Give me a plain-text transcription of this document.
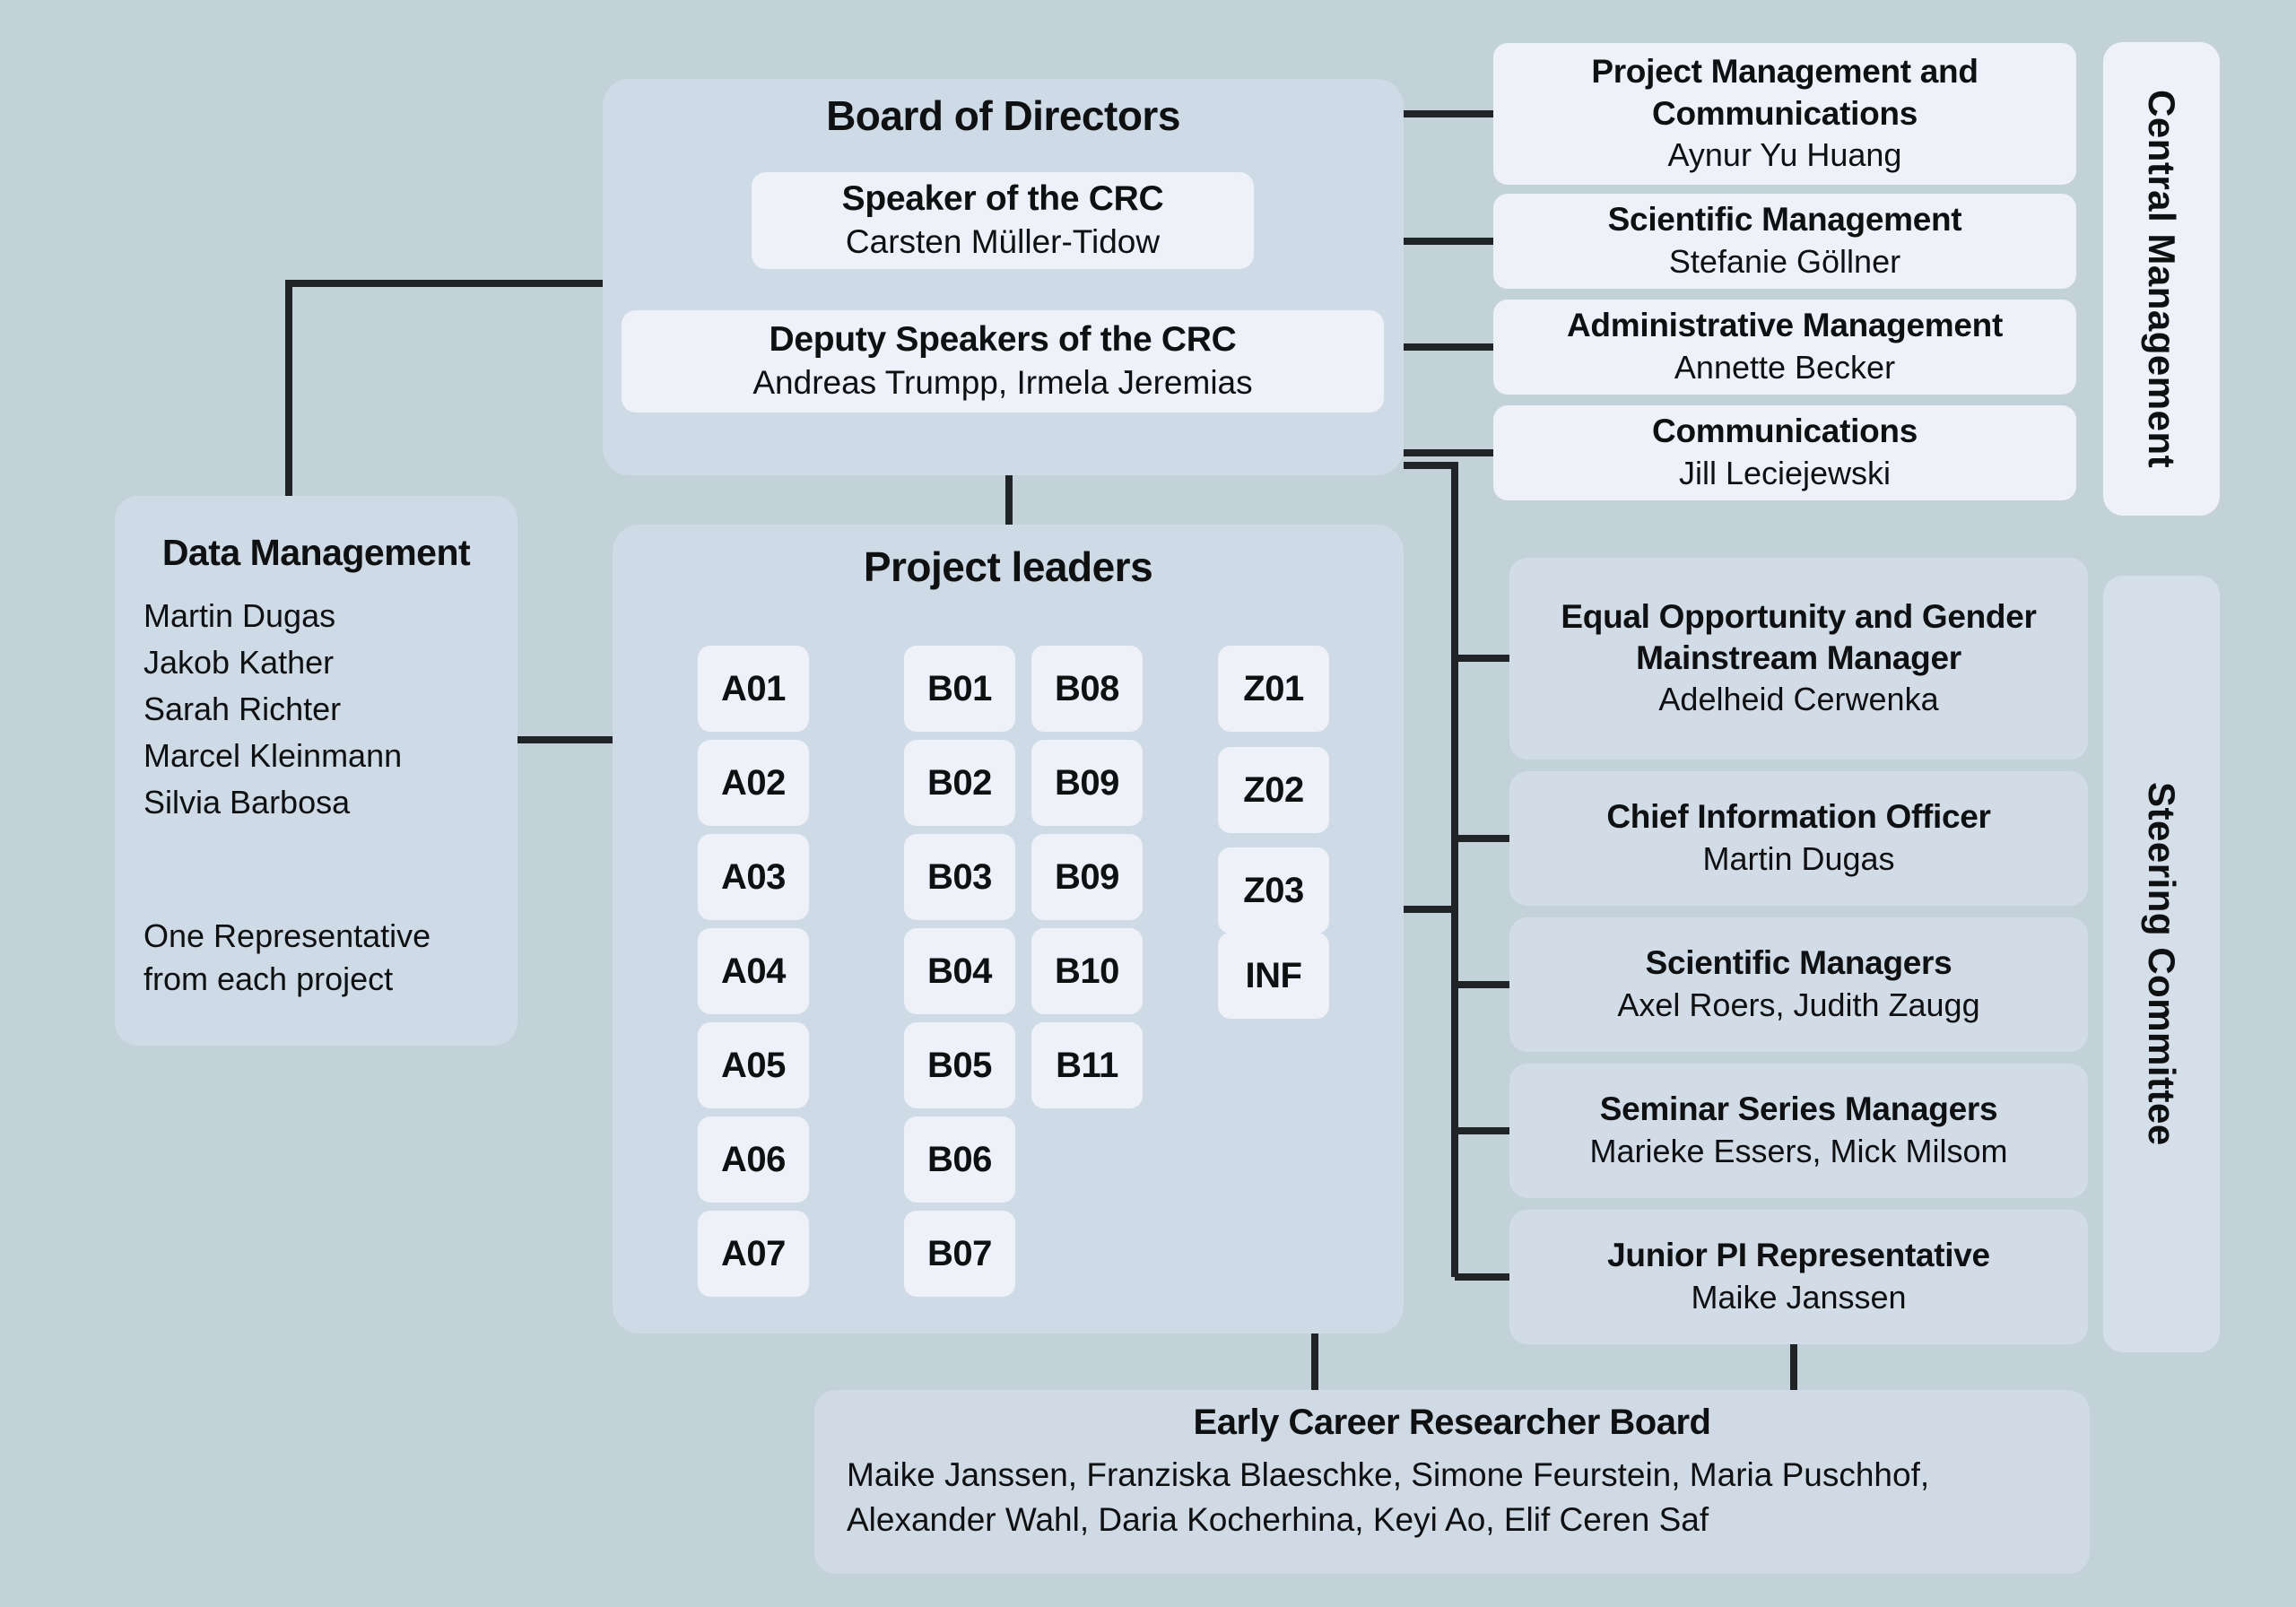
Board of Directors
Speaker of the CRC
Carsten Müller-Tidow
Deputy Speakers of the CRC
Andreas Trumpp, Irmela Jeremias
Project Management and Communications
Aynur Yu Huang
Scientific Management
Stefanie Göllner
Administrative Management
Annette Becker
Communications
Jill Leciejewski
Central Management
Data Management
Martin Dugas
Jakob Kather
Sarah Richter
Marcel Kleinmann
Silvia Barbosa
One Representative from each project
Project leaders
A01
A02
A03
A04
A05
A06
A07
B01
B02
B03
B04
B05
B06
B07
B08
B09
B09
B10
B11
Z01
Z02
Z03
INF
Equal Opportunity and Gender Mainstream Manager
Adelheid Cerwenka
Chief Information Officer
Martin Dugas
Scientific Managers
Axel Roers, Judith Zaugg
Seminar Series Managers
Marieke Essers, Mick Milsom
Junior PI Representative
Maike Janssen
Steering Committee
Early Career Researcher Board
Maike Janssen, Franziska Blaeschke, Simone Feurstein, Maria Puschhof, Alexander Wahl, Daria Kocherhina, Keyi Ao, Elif Ceren Saf
